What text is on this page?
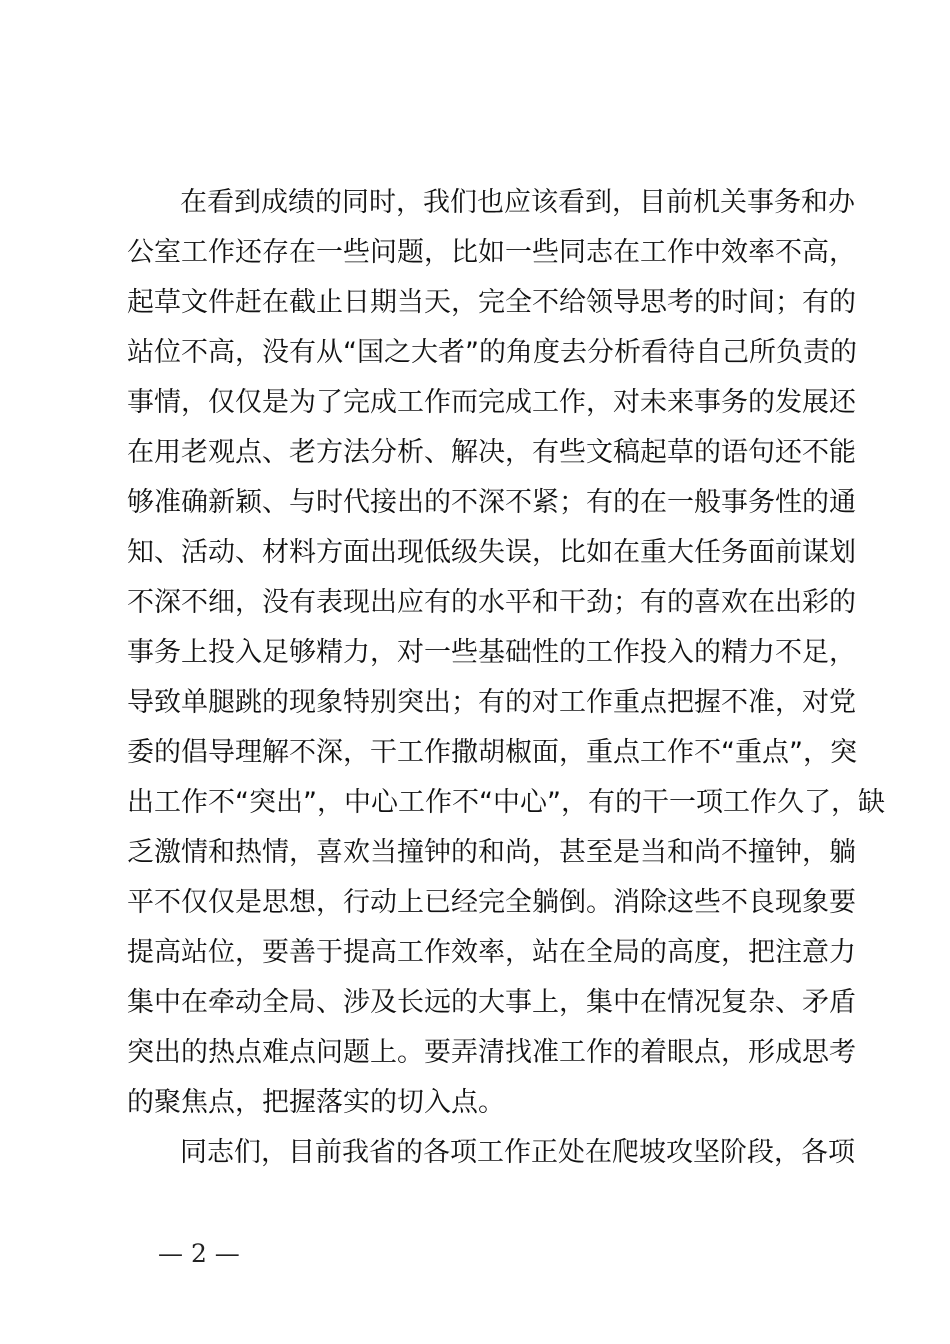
在看到成绩的同时，我们也应该看到，目前机关事务和办
公室工作还存在一些问题，比如一些同志在工作中效率不高，
起草文件赶在截止日期当天，完全不给领导思考的时间；有的
站位不高，没有从“国之大者”的角度去分析看待自己所负责的
事情，仅仅是为了完成工作而完成工作，对未来事务的发展还
在用老观点、老方法分析、解决，有些文稿起草的语句还不能
够准确新颖、与时代接出的不深不紧；有的在一般事务性的通
知、活动、材料方面出现低级失误，比如在重大任务面前谋划
不深不细，没有表现出应有的水平和干劲；有的喜欢在出彩的
事务上投入足够精力，对一些基础性的工作投入的精力不足，
导致单腿跳的现象特别突出；有的对工作重点把握不准，对党
委的倡导理解不深，干工作撒胡椒面，重点工作不“重点”，突
出工作不“突出”，中心工作不“中心”，有的干一项工作久了，缺
乏激情和热情，喜欢当撞钟的和尚，甚至是当和尚不撞钟，躺
平不仅仅是思想，行动上已经完全躺倒。消除这些不良现象要
提高站位，要善于提高工作效率，站在全局的高度，把注意力
集中在牵动全局、涉及长远的大事上，集中在情况复杂、矛盾
突出的热点难点问题上。要弄清找准工作的着眼点，形成思考
的聚焦点，把握落实的切入点。
同志们，目前我省的各项工作正处在爬坡攻坚阶段，各项
— 2 —
